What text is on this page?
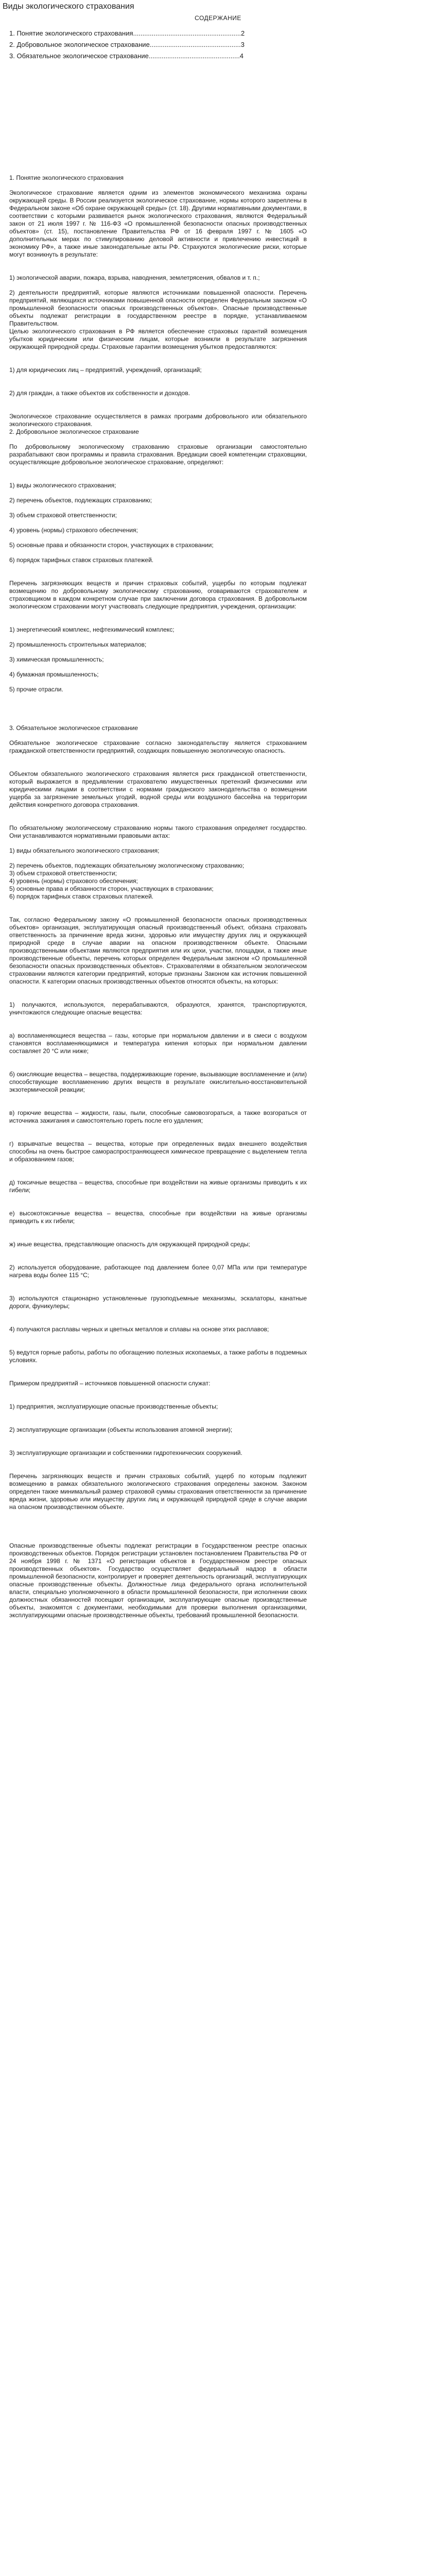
Виды экологического страхования
СОДЕРЖАНИЕ
1. Понятие экологического страхования..........................................................2
2. Добровольное экологическое страхование.................................................3
3. Обязательное экологическое страхование.................................................4
1. Понятие экологического страхования

Экологическое страхование является одним из элементов экономического механизма охраны окружающей среды. В России реализуется экологическое страхование, нормы которого закреплены в Федеральном законе «Об охране окружающей среды» (ст. 18). Другими нормативными документами, в соответствии с которыми развивается рынок экологического страхования, являются Федеральный закон от 21 июля 1997 г. № 116-ФЗ «О промышленной безопасности опасных производственных объектов» (ст. 15), постановление Правительства РФ от 16 февраля 1997 г. № 1605 «О дополнительных мерах по стимулированию деловой активности и привлечению инвестиций в экономику РФ», а также иные законодательные акты РФ. Страхуются экологические риски, которые могут возникнуть в результате:

1) экологической аварии, пожара, взрыва, наводнения, землетрясения, обвалов и т. п.;

2) деятельности предприятий, которые являются источниками повышенной опасности. Перечень предприятий, являющихся источниками повышенной опасности определен Федеральным законом «О промышленной безопасности опасных производственных объектов». Опасные производственные объекты подлежат регистрации в государственном реестре в порядке, устанавливаемом Правительством.

Целью экологического страхования в РФ является обеспечение страховых гарантий возмещения убытков юридическим или физическим лицам, которые возникли в результате загрязнения окружающей природной среды. Страховые гарантии возмещения убытков предоставляются:

1) для юридических лиц – предприятий, учреждений, организаций;

2) для граждан, а также объектов их собственности и доходов.

Экологическое страхование осуществляется в рамках программ добровольного или обязательного экологического страхования.

2. Добровольное экологическое страхование

По добровольному экологическому страхованию страховые организации самостоятельно разрабатывают свои программы и правила страхования. Вредакции своей компетенции страховщики, осуществляющие добровольное экологическое страхование, определяют:

1) виды экологического страхования;

2) перечень объектов, подлежащих страхованию;

3) объем страховой ответственности;

4) уровень (нормы) страхового обеспечения;

5) основные права и обязанности сторон, участвующих в страховании;

6) порядок тарифных ставок страховых платежей.

Перечень загрязняющих веществ и причин страховых событий, ущербы по которым подлежат возмещению по добровольному экологическому страхованию, оговариваются страхователем и страховщиком в каждом конкретном случае при заключении договора страхования. В добровольном экологическом страховании могут участвовать следующие предприятия, учреждения, организации:

1) энергетический комплекс, нефтехимический комплекс;

2) промышленность строительных материалов;

3) химическая промышленность;

4) бумажная промышленность;

5) прочие отрасли.

3. Обязательное экологическое страхование

Обязательное экологическое страхование согласно законодательству является страхованием гражданской ответственности предприятий, создающих повышенную экологическую опасность.

Объектом обязательного экологического страхования является риск гражданской ответственности, который выражается в предъявлении страхователю имущественных претензий физическими или юридическими лицами в соответствии с нормами гражданского законодательства о возмещении ущерба за загрязнение земельных угодий, водной среды или воздушного бассейна на территории действия конкретного договора страхования.

По обязательному экологическому страхованию нормы такого страхования определяет государство. Они устанавливаются нормативными правовыми актах:

1) виды обязательного экологического страхования;

2) перечень объектов, подлежащих обязательному экологическому страхованию;

3) объем страховой ответственности;

4) уровень (нормы) страхового обеспечения;

5) основные права и обязанности сторон, участвующих в страховании;

6) порядок тарифных ставок страховых платежей.

Так, согласно Федеральному закону «О промышленной безопасности опасных производственных объектов» организация, эксплуатирующая опасный производственный объект, обязана страховать ответственность за причинение вреда жизни, здоровью или имуществу других лиц и окружающей природной среде в случае аварии на опасном производственном объекте. Опасными производственными объектами являются предприятия или их цехи, участки, площадки, а также иные производственные объекты, перечень которых определен Федеральным законом «О промышленной безопасности опасных производственных объектов». Страхователями в обязательном экологическом страховании являются категории предприятий, которые признаны Законом как источник повышенной опасности. К категории опасных производственных объектов относятся объекты, на которых:

1) получаются, используются, перерабатываются, образуются, хранятся, транспортируются, уничтожаются следующие опасные вещества:

а) воспламеняющиеся вещества – газы, которые при нормальном давлении и в смеси с воздухом становятся воспламеняющимися и температура кипения которых при нормальном давлении составляет 20 °С или ниже;

б) окисляющие вещества – вещества, поддерживающие горение, вызывающие воспламенение и (или) способствующие воспламенению других веществ в результате окислительно-восстановительной экзотермической реакции;

в) горючие вещества – жидкости, газы, пыли, способные самовозгораться, а также возгораться от источника зажигания и самостоятельно гореть после его удаления;

г) взрывчатые вещества – вещества, которые при определенных видах внешнего воздействия способны на очень быстрое самораспространяющееся химическое превращение с выделением тепла и образованием газов;

д) токсичные вещества – вещества, способные при воздействии на живые организмы приводить к их гибели;

е) высокотоксичные вещества – вещества, способные при воздействии на живые организмы приводить к их гибели;

ж) иные вещества, представляющие опасность для окружающей природной среды;

2) используется оборудование, работающее под давлением более 0,07 МПа или при температуре нагрева воды более 115 °С;

3) используются стационарно установленные грузоподъемные механизмы, эскалаторы, канатные дороги, фуникулеры;

4) получаются расплавы черных и цветных металлов и сплавы на основе этих расплавов;

5) ведутся горные работы, работы по обогащению полезных ископаемых, а также работы в подземных условиях.

Примером предприятий – источников повышенной опасности служат:

1) предприятия, эксплуатирующие опасные производственные объекты;

2) эксплуатирующие организации (объекты использования атомной энергии);

3) эксплуатирующие организации и собственники гидротехнических сооружений.

Перечень загрязняющих веществ и причин страховых событий, ущерб по которым подлежит возмещению в рамках обязательного экологического страхования определены законом. Законом определен также минимальный размер страховой суммы страхования ответственности за причинение вреда жизни, здоровью или имуществу других лиц и окружающей природной среде в случае аварии на опасном производственном объекте.

Опасные производственные объекты подлежат регистрации в Государственном реестре опасных производственных объектов. Порядок регистрации установлен постановлением Правительства РФ от 24 ноября 1998 г. № 1371 «О регистрации объектов в Государственном реестре опасных производственных объектов». Государство осуществляет федеральный надзор в области промышленной безопасности, контролирует и проверяет деятельность организаций, эксплуатирующих опасные производственные объекты. Должностные лица федерального органа исполнительной власти, специально уполномоченного в области промышленной безопасности, при исполнении своих должностных обязанностей посещают организации, эксплуатирующие опасные производственные объекты, знакомятся с документами, необходимыми для проверки выполнения организациями, эксплуатирующими опасные производственные объекты, требований промышленной безопасности.
